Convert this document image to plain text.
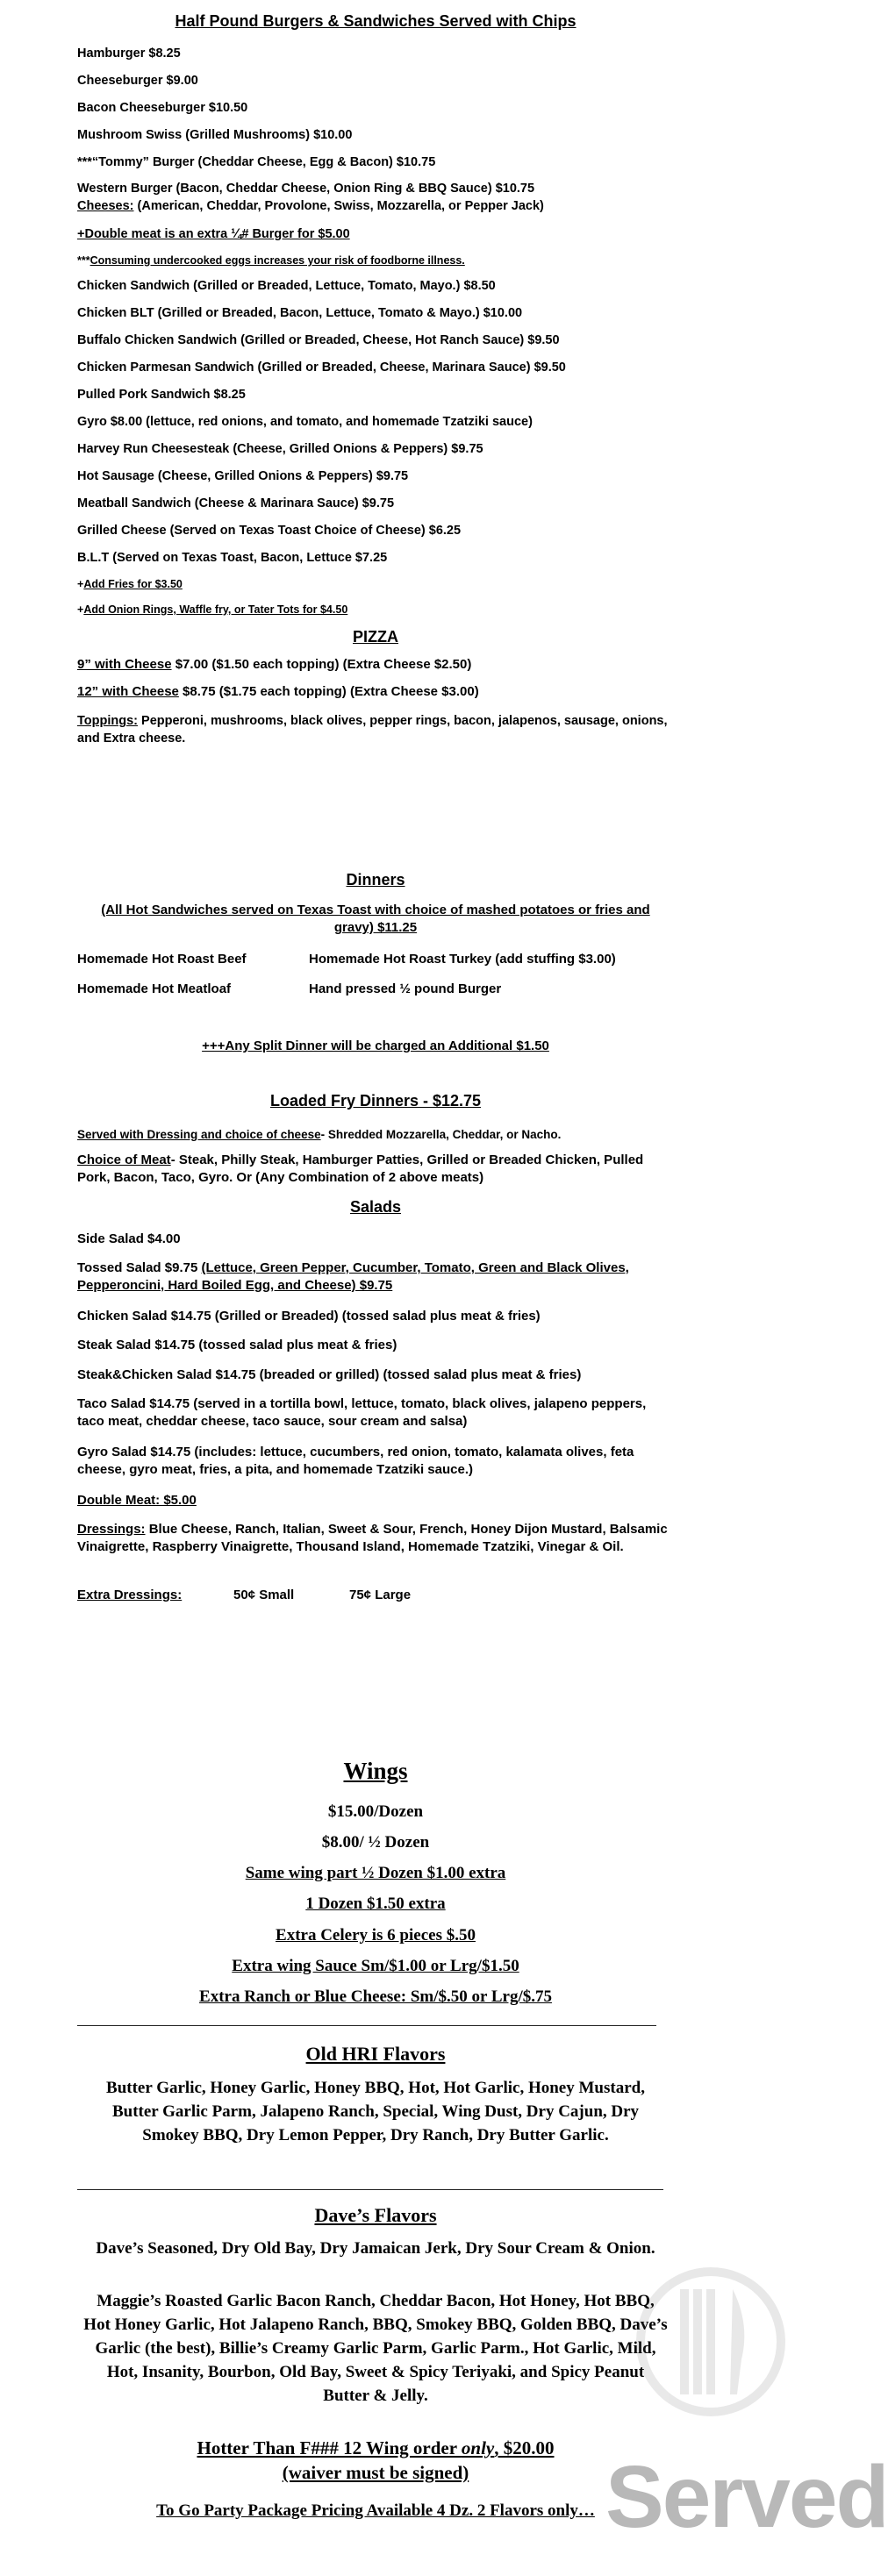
Half Pound Burgers & Sandwiches Served with Chips
Hamburger $8.25
Cheeseburger $9.00
Bacon Cheeseburger $10.50
Mushroom Swiss (Grilled Mushrooms) $10.00
***“Tommy” Burger (Cheddar Cheese, Egg & Bacon) $10.75
Western Burger (Bacon, Cheddar Cheese, Onion Ring & BBQ Sauce) $10.75
Cheeses: (American, Cheddar, Provolone, Swiss, Mozzarella, or Pepper Jack)
+Double meat is an extra ¼# Burger for $5.00
***Consuming undercooked eggs increases your risk of foodborne illness.
Chicken Sandwich (Grilled or Breaded, Lettuce, Tomato, Mayo.) $8.50
Chicken BLT (Grilled or Breaded, Bacon, Lettuce, Tomato & Mayo.) $10.00
Buffalo Chicken Sandwich (Grilled or Breaded, Cheese, Hot Ranch Sauce) $9.50
Chicken Parmesan Sandwich (Grilled or Breaded, Cheese, Marinara Sauce) $9.50
Pulled Pork Sandwich $8.25
Gyro $8.00 (lettuce, red onions, and tomato, and homemade Tzatziki sauce)
Harvey Run Cheesesteak (Cheese, Grilled Onions & Peppers) $9.75
Hot Sausage (Cheese, Grilled Onions & Peppers) $9.75
Meatball Sandwich (Cheese & Marinara Sauce) $9.75
Grilled Cheese (Served on Texas Toast Choice of Cheese) $6.25
B.L.T (Served on Texas Toast, Bacon, Lettuce $7.25
+Add Fries for $3.50
+Add Onion Rings, Waffle fry, or Tater Tots for $4.50
PIZZA
9” with Cheese $7.00 ($1.50 each topping) (Extra Cheese $2.50)
12” with Cheese $8.75 ($1.75 each topping) (Extra Cheese $3.00)
Toppings: Pepperoni, mushrooms, black olives, pepper rings, bacon, jalapenos, sausage, onions, and Extra cheese.
Dinners
(All Hot Sandwiches served on Texas Toast with choice of mashed potatoes or fries and gravy) $11.25
Homemade Hot Roast Beef	Homemade Hot Roast Turkey (add stuffing $3.00)
Homemade Hot Meatloaf	Hand pressed ½ pound Burger
+++Any Split Dinner will be charged an Additional $1.50
Loaded Fry Dinners - $12.75
Served with Dressing and choice of cheese- Shredded Mozzarella, Cheddar, or Nacho.
Choice of Meat- Steak, Philly Steak, Hamburger Patties, Grilled or Breaded Chicken, Pulled Pork, Bacon, Taco, Gyro. Or (Any Combination of 2 above meats)
Salads
Side Salad $4.00
Tossed Salad $9.75 (Lettuce, Green Pepper, Cucumber, Tomato, Green and Black Olives, Pepperoncini, Hard Boiled Egg, and Cheese) $9.75
Chicken Salad $14.75 (Grilled or Breaded) (tossed salad plus meat & fries)
Steak Salad $14.75 (tossed salad plus meat & fries)
Steak&Chicken Salad $14.75 (breaded or grilled) (tossed salad plus meat & fries)
Taco Salad $14.75 (served in a tortilla bowl, lettuce, tomato, black olives, jalapeno peppers, taco meat, cheddar cheese, taco sauce, sour cream and salsa)
Gyro Salad $14.75 (includes: lettuce, cucumbers, red onion, tomato, kalamata olives, feta cheese, gyro meat, fries, a pita, and homemade Tzatziki sauce.)
Double Meat: $5.00
Dressings: Blue Cheese, Ranch, Italian, Sweet & Sour, French, Honey Dijon Mustard, Balsamic Vinaigrette, Raspberry Vinaigrette, Thousand Island, Homemade Tzatziki, Vinegar & Oil.
Extra Dressings:	50¢ Small	75¢ Large
Wings
$15.00/Dozen
$8.00/ ½ Dozen
Same wing part ½ Dozen $1.00 extra
1 Dozen $1.50 extra
Extra Celery is 6 pieces $.50
Extra wing Sauce Sm/$1.00 or Lrg/$1.50
Extra Ranch or Blue Cheese: Sm/$.50 or Lrg/$.75
Old HRI Flavors
Butter Garlic, Honey Garlic, Honey BBQ, Hot, Hot Garlic, Honey Mustard, Butter Garlic Parm, Jalapeno Ranch, Special, Wing Dust, Dry Cajun, Dry Smokey BBQ, Dry Lemon Pepper, Dry Ranch, Dry Butter Garlic.
Dave’s Flavors
Dave’s Seasoned, Dry Old Bay, Dry Jamaican Jerk, Dry Sour Cream & Onion.
Maggie’s Roasted Garlic Bacon Ranch, Cheddar Bacon, Hot Honey, Hot BBQ, Hot Honey Garlic, Hot Jalapeno Ranch, BBQ, Smokey BBQ, Golden BBQ, Dave’s Garlic (the best), Billie’s Creamy Garlic Parm, Garlic Parm., Hot Garlic, Mild, Hot, Insanity, Bourbon, Old Bay, Sweet & Spicy Teriyaki, and Spicy Peanut Butter & Jelly.
Hotter Than F### 12 Wing order only, $20.00
(waiver must be signed)
To Go Party Package Pricing Available 4 Dz. 2 Flavors only… Served
